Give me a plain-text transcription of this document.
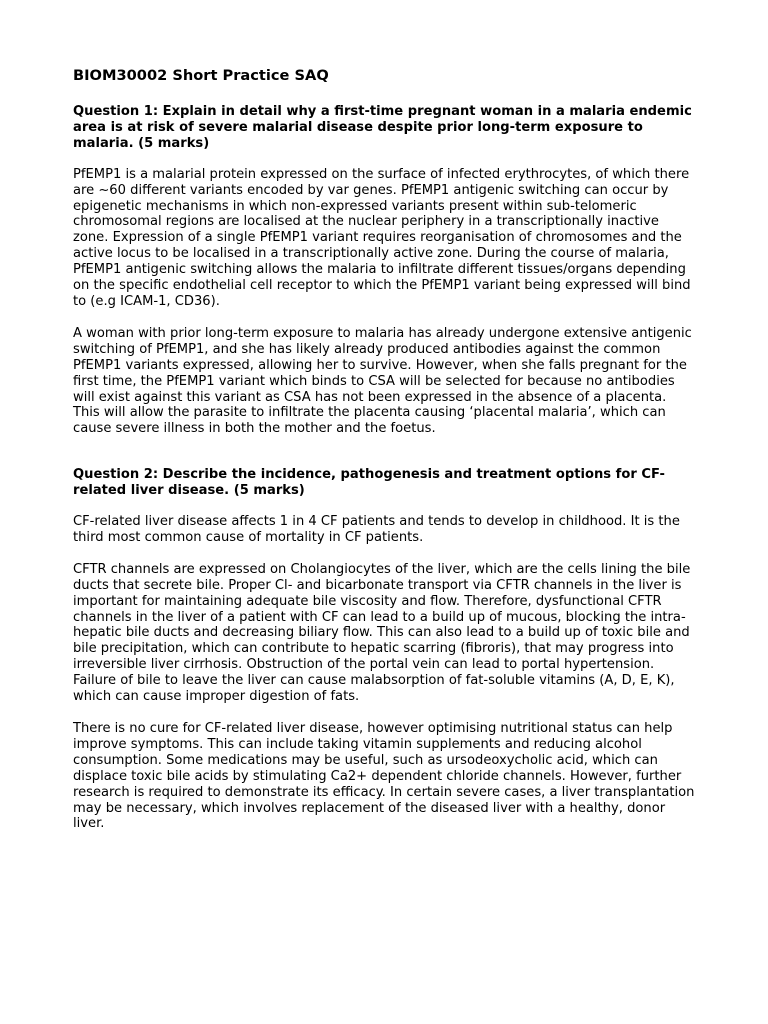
BIOM30002 Short Practice SAQ
Question 1: Explain in detail why a first-time pregnant woman in a malaria endemic area is at risk of severe malarial disease despite prior long-term exposure to malaria. (5 marks)

PfEMP1 is a malarial protein expressed on the surface of infected erythrocytes, of which there are ~60 different variants encoded by var genes. PfEMP1 antigenic switching can occur by epigenetic mechanisms in which non-expressed variants present within sub-telomeric chromosomal regions are localised at the nuclear periphery in a transcriptionally inactive zone. Expression of a single PfEMP1 variant requires reorganisation of chromosomes and the active locus to be localised in a transcriptionally active zone. During the course of malaria, PfEMP1 antigenic switching allows the malaria to infiltrate different tissues/organs depending on the specific endothelial cell receptor to which the PfEMP1 variant being expressed will bind to (e.g ICAM-1, CD36).

A woman with prior long-term exposure to malaria has already undergone extensive antigenic switching of PfEMP1, and she has likely already produced antibodies against the common PfEMP1 variants expressed, allowing her to survive. However, when she falls pregnant for the first time, the PfEMP1 variant which binds to CSA will be selected for because no antibodies will exist against this variant as CSA has not been expressed in the absence of a placenta. This will allow the parasite to infiltrate the placenta causing ‘placental malaria’, which can cause severe illness in both the mother and the foetus.

Question 2: Describe the incidence, pathogenesis and treatment options for CF-related liver disease. (5 marks)

CF-related liver disease affects 1 in 4 CF patients and tends to develop in childhood. It is the third most common cause of mortality in CF patients.

CFTR channels are expressed on Cholangiocytes of the liver, which are the cells lining the bile ducts that secrete bile. Proper Cl- and bicarbonate transport via CFTR channels in the liver is important for maintaining adequate bile viscosity and flow. Therefore, dysfunctional CFTR channels in the liver of a patient with CF can lead to a build up of mucous, blocking the intra-hepatic bile ducts and decreasing biliary flow. This can also lead to a build up of toxic bile and bile precipitation, which can contribute to hepatic scarring (fibroris), that may progress into irreversible liver cirrhosis. Obstruction of the portal vein can lead to portal hypertension. Failure of bile to leave the liver can cause malabsorption of fat-soluble vitamins (A, D, E, K), which can cause improper digestion of fats.

There is no cure for CF-related liver disease, however optimising nutritional status can help improve symptoms. This can include taking vitamin supplements and reducing alcohol consumption. Some medications may be useful, such as ursodeoxycholic acid, which can displace toxic bile acids by stimulating Ca2+ dependent chloride channels. However, further research is required to demonstrate its efficacy. In certain severe cases, a liver transplantation may be necessary, which involves replacement of the diseased liver with a healthy, donor liver.
